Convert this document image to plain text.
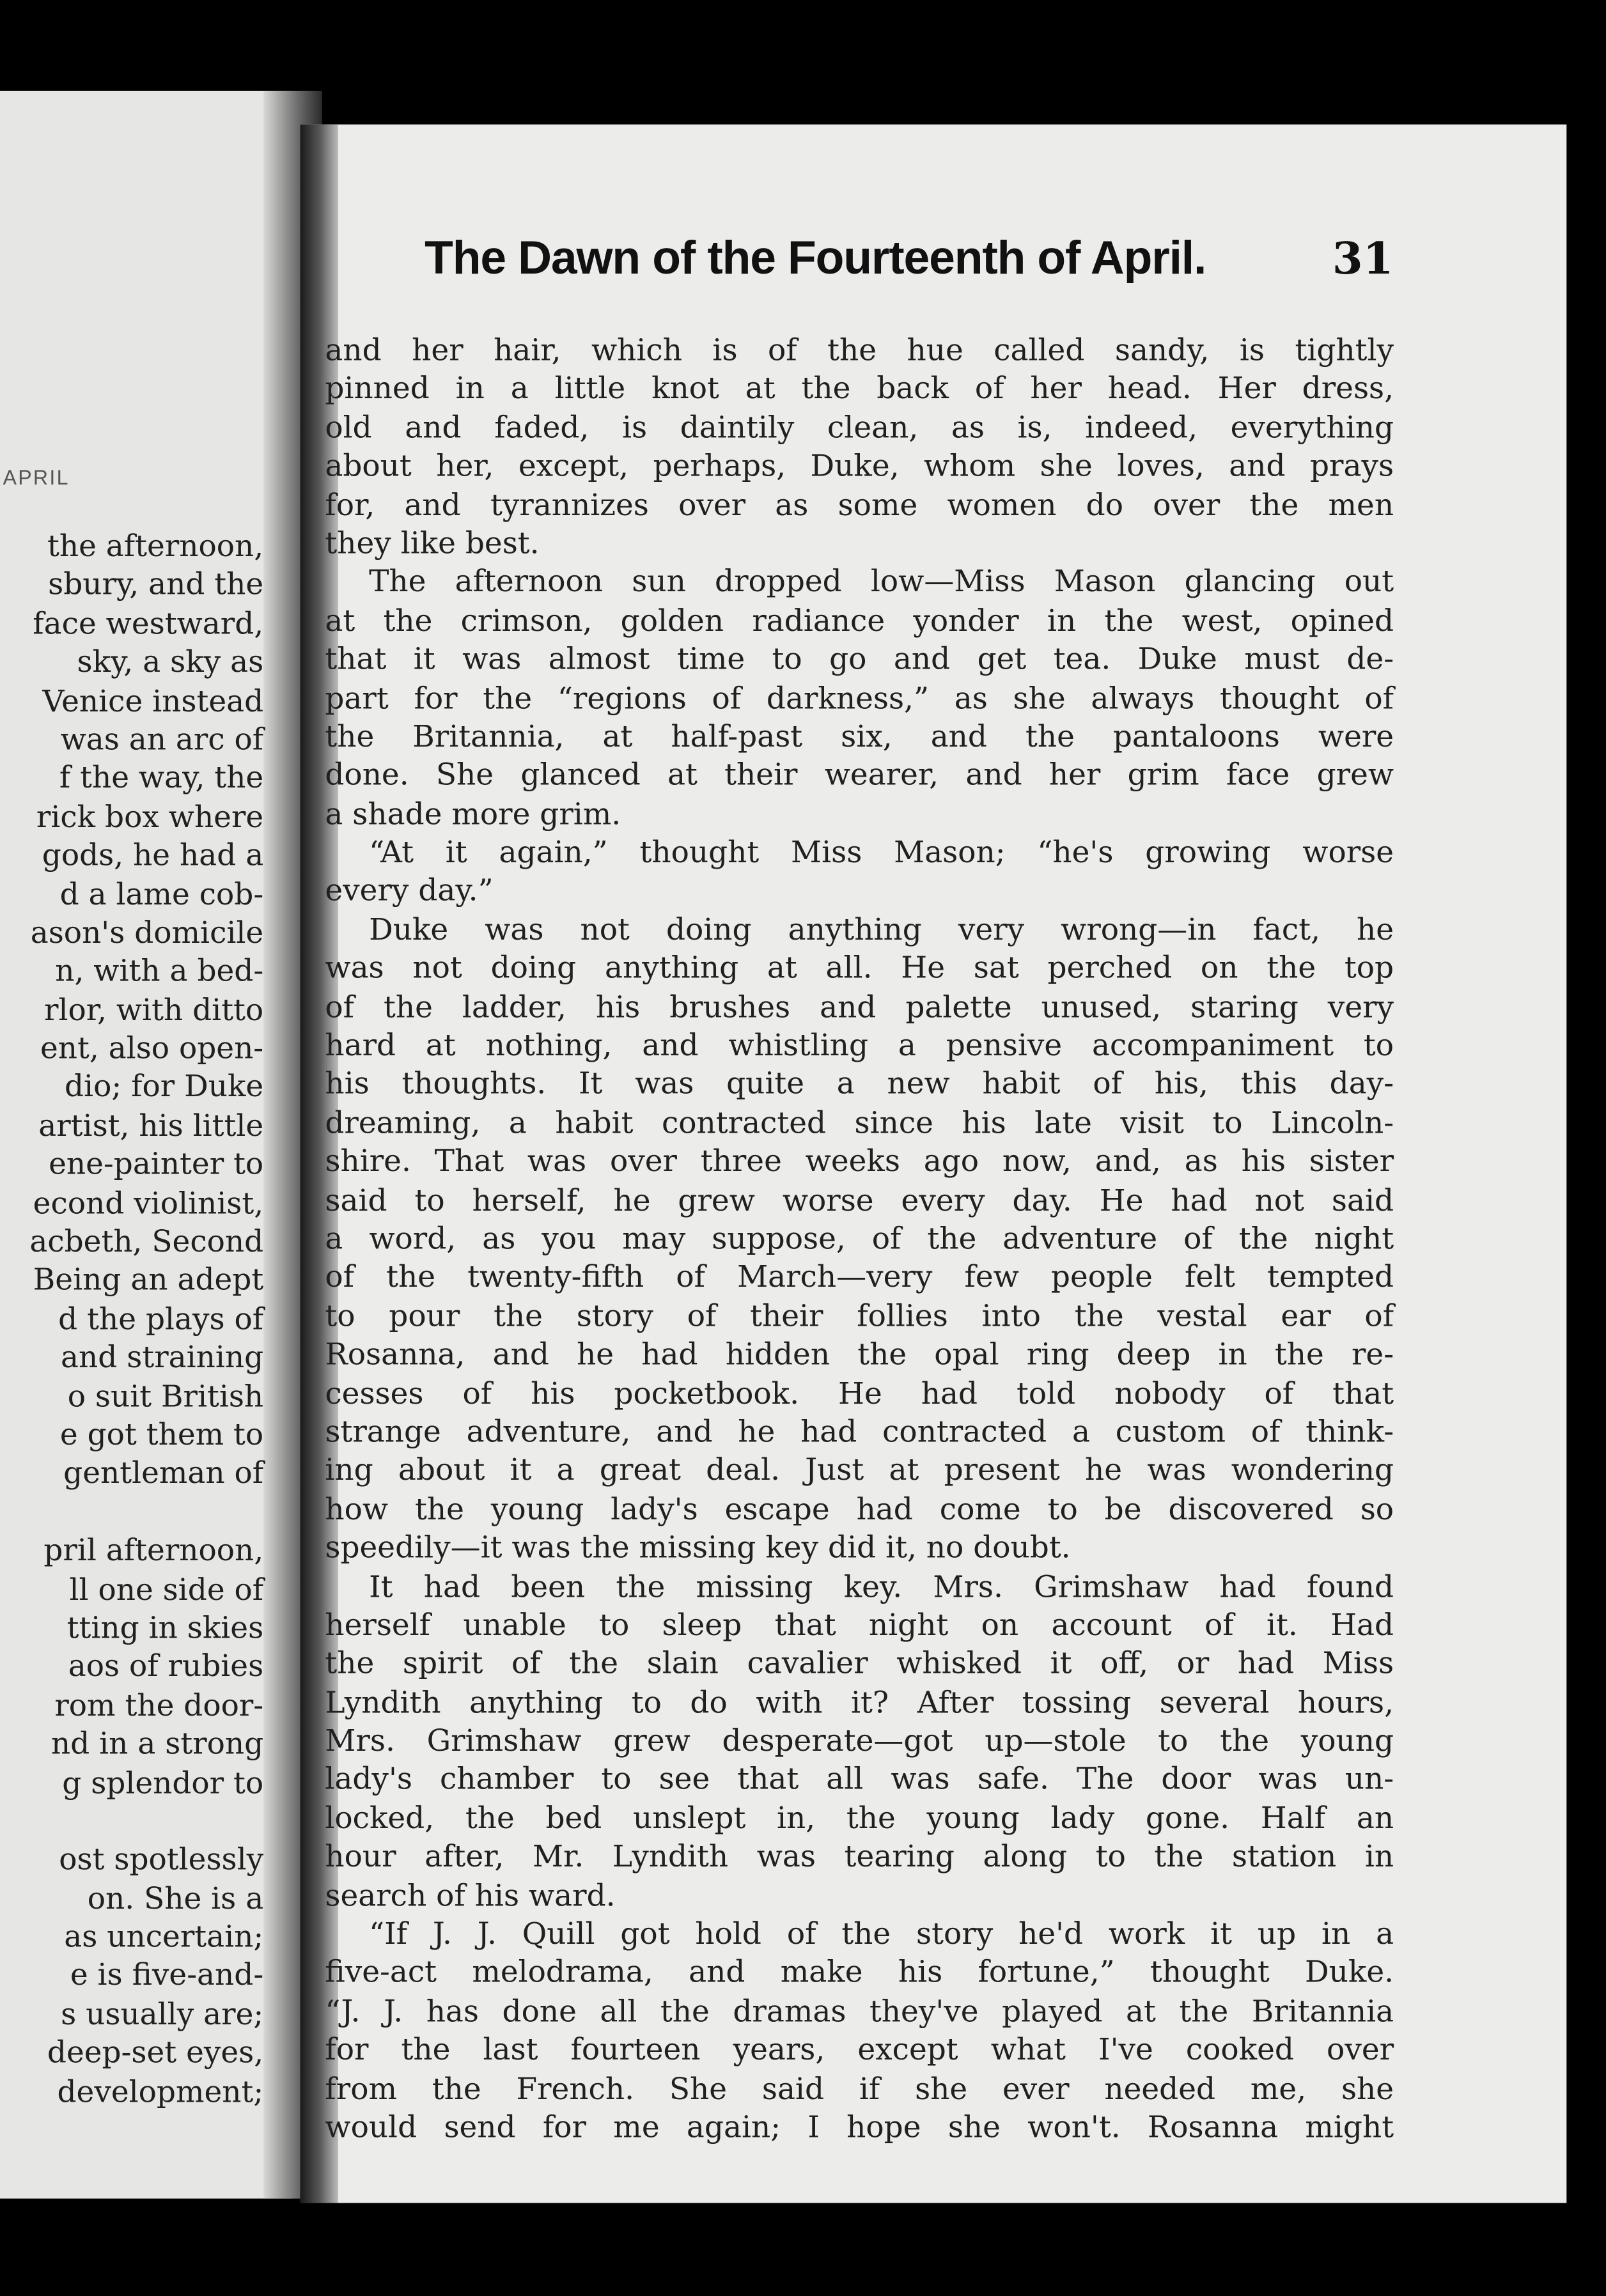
APRIL
the afternoon,
sbury, and the
face westward,
sky, a sky as
Venice instead
was an arc of
f the way, the
rick box where
gods, he had a
d a lame cob-
ason's domicile
n, with a bed-
rlor, with ditto
ent, also open-
dio; for Duke
artist, his little
ene-painter to
econd violinist,
acbeth, Second
Being an adept
d the plays of
and straining
o suit British
e got them to
gentleman of
pril afternoon,
ll one side of
tting in skies
aos of rubies
rom the door-
nd in a strong
g splendor to
ost spotlessly
on. She is a
as uncertain;
e is five-and-
s usually are;
deep-set eyes,
development;
The Dawn of the Fourteenth of April.	31
and her hair, which is of the hue called sandy, is tightly
pinned in a little knot at the back of her head. Her dress,
old and faded, is daintily clean, as is, indeed, everything
about her, except, perhaps, Duke, whom she loves, and prays
for, and tyrannizes over as some women do over the men
they like best.
The afternoon sun dropped low—Miss Mason glancing out
at the crimson, golden radiance yonder in the west, opined
that it was almost time to go and get tea. Duke must de-
part for the “regions of darkness,” as she always thought of
the Britannia, at half-past six, and the pantaloons were
done. She glanced at their wearer, and her grim face grew
a shade more grim.
“At it again,” thought Miss Mason; “he's growing worse
every day.”
Duke was not doing anything very wrong—in fact, he
was not doing anything at all. He sat perched on the top
of the ladder, his brushes and palette unused, staring very
hard at nothing, and whistling a pensive accompaniment to
his thoughts. It was quite a new habit of his, this day-
dreaming, a habit contracted since his late visit to Lincoln-
shire. That was over three weeks ago now, and, as his sister
said to herself, he grew worse every day. He had not said
a word, as you may suppose, of the adventure of the night
of the twenty-fifth of March—very few people felt tempted
to pour the story of their follies into the vestal ear of
Rosanna, and he had hidden the opal ring deep in the re-
cesses of his pocketbook. He had told nobody of that
strange adventure, and he had contracted a custom of think-
ing about it a great deal. Just at present he was wondering
how the young lady's escape had come to be discovered so
speedily—it was the missing key did it, no doubt.
It had been the missing key. Mrs. Grimshaw had found
herself unable to sleep that night on account of it. Had
the spirit of the slain cavalier whisked it off, or had Miss
Lyndith anything to do with it? After tossing several hours,
Mrs. Grimshaw grew desperate—got up—stole to the young
lady's chamber to see that all was safe. The door was un-
locked, the bed unslept in, the young lady gone. Half an
hour after, Mr. Lyndith was tearing along to the station in
search of his ward.
“If J. J. Quill got hold of the story he'd work it up in a
five-act melodrama, and make his fortune,” thought Duke.
“J. J. has done all the dramas they've played at the Britannia
for the last fourteen years, except what I've cooked over
from the French. She said if she ever needed me, she
would send for me again; I hope she won't. Rosanna might
